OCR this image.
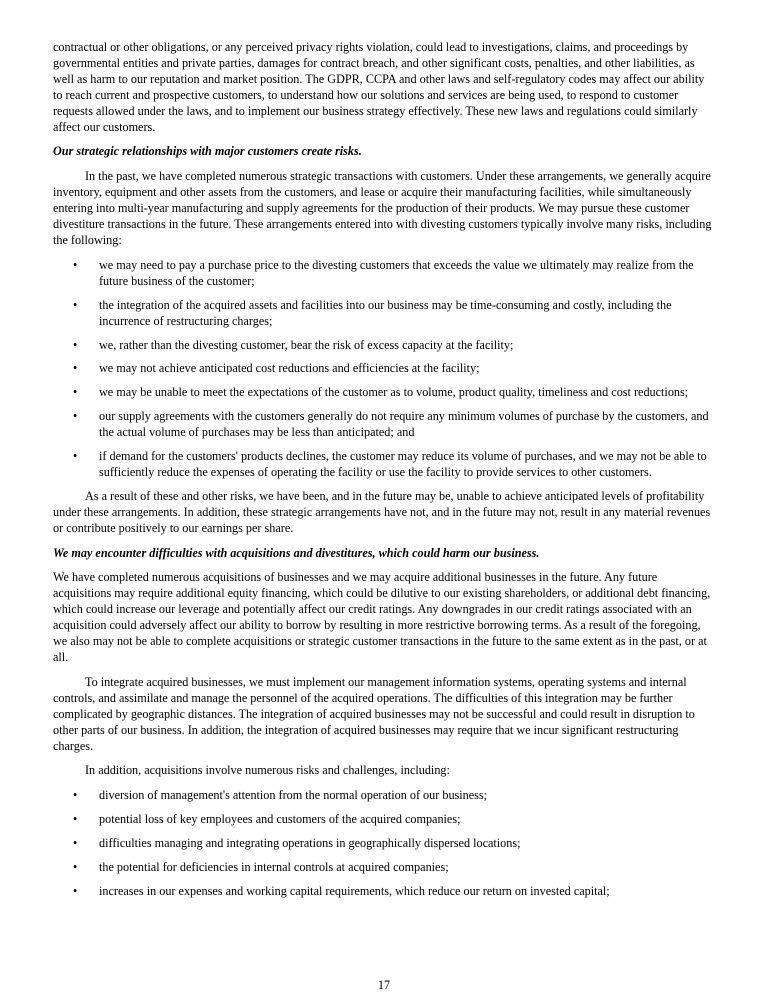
contractual or other obligations, or any perceived privacy rights violation, could lead to investigations, claims, and proceedings by governmental entities and private parties, damages for contract breach, and other significant costs, penalties, and other liabilities, as well as harm to our reputation and market position. The GDPR, CCPA and other laws and self-regulatory codes may affect our ability to reach current and prospective customers, to understand how our solutions and services are being used, to respond to customer requests allowed under the laws, and to implement our business strategy effectively. These new laws and regulations could similarly affect our customers.

Our strategic relationships with major customers create risks.

In the past, we have completed numerous strategic transactions with customers. Under these arrangements, we generally acquire inventory, equipment and other assets from the customers, and lease or acquire their manufacturing facilities, while simultaneously entering into multi-year manufacturing and supply agreements for the production of their products. We may pursue these customer divestiture transactions in the future. These arrangements entered into with divesting customers typically involve many risks, including the following:

• we may need to pay a purchase price to the divesting customers that exceeds the value we ultimately may realize from the future business of the customer;
• the integration of the acquired assets and facilities into our business may be time-consuming and costly, including the incurrence of restructuring charges;
• we, rather than the divesting customer, bear the risk of excess capacity at the facility;
• we may not achieve anticipated cost reductions and efficiencies at the facility;
• we may be unable to meet the expectations of the customer as to volume, product quality, timeliness and cost reductions;
• our supply agreements with the customers generally do not require any minimum volumes of purchase by the customers, and the actual volume of purchases may be less than anticipated; and
• if demand for the customers' products declines, the customer may reduce its volume of purchases, and we may not be able to sufficiently reduce the expenses of operating the facility or use the facility to provide services to other customers.

As a result of these and other risks, we have been, and in the future may be, unable to achieve anticipated levels of profitability under these arrangements. In addition, these strategic arrangements have not, and in the future may not, result in any material revenues or contribute positively to our earnings per share.

We may encounter difficulties with acquisitions and divestitures, which could harm our business.

We have completed numerous acquisitions of businesses and we may acquire additional businesses in the future. Any future acquisitions may require additional equity financing, which could be dilutive to our existing shareholders, or additional debt financing, which could increase our leverage and potentially affect our credit ratings. Any downgrades in our credit ratings associated with an acquisition could adversely affect our ability to borrow by resulting in more restrictive borrowing terms. As a result of the foregoing, we also may not be able to complete acquisitions or strategic customer transactions in the future to the same extent as in the past, or at all.

To integrate acquired businesses, we must implement our management information systems, operating systems and internal controls, and assimilate and manage the personnel of the acquired operations. The difficulties of this integration may be further complicated by geographic distances. The integration of acquired businesses may not be successful and could result in disruption to other parts of our business. In addition, the integration of acquired businesses may require that we incur significant restructuring charges.

In addition, acquisitions involve numerous risks and challenges, including:

• diversion of management's attention from the normal operation of our business;
• potential loss of key employees and customers of the acquired companies;
• difficulties managing and integrating operations in geographically dispersed locations;
• the potential for deficiencies in internal controls at acquired companies;
• increases in our expenses and working capital requirements, which reduce our return on invested capital;
17
